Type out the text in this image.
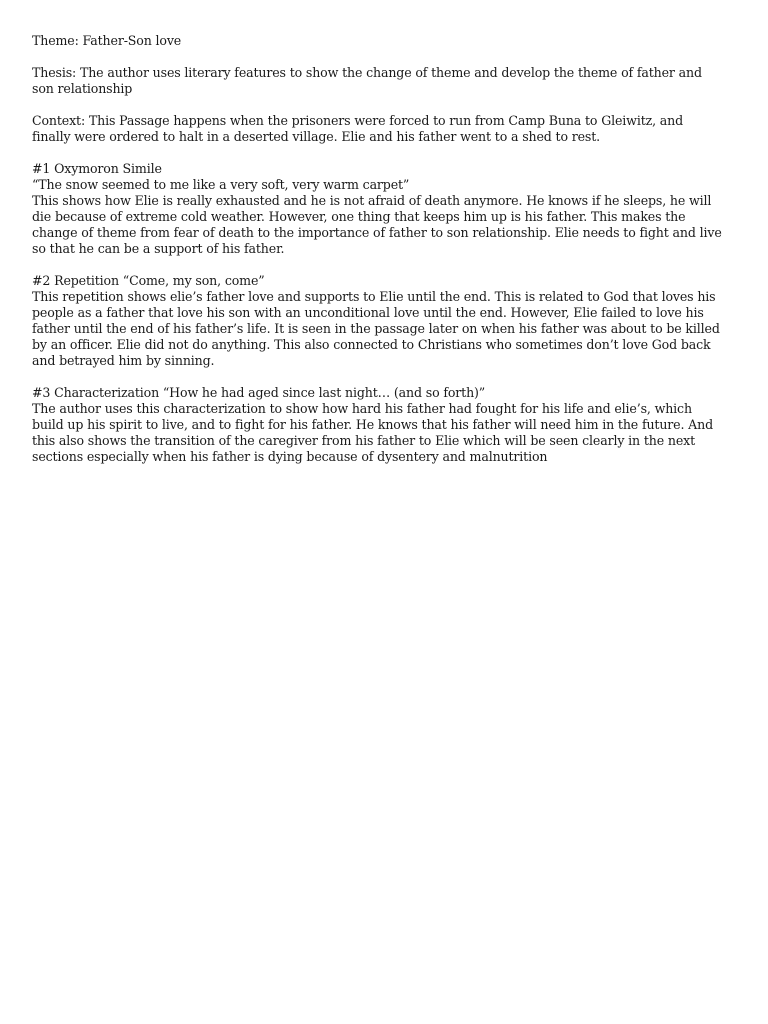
Theme: Father-Son love
Thesis: The author uses literary features to show the change of theme and develop the theme of father and
son relationship
Context: This Passage happens when the prisoners were forced to run from Camp Buna to Gleiwitz, and
finally were ordered to halt in a deserted village. Elie and his father went to a shed to rest.
#1 Oxymoron Simile
“The snow seemed to me like a very soft, very warm carpet”
This shows how Elie is really exhausted and he is not afraid of death anymore. He knows if he sleeps, he will
die because of extreme cold weather. However, one thing that keeps him up is his father. This makes the
change of theme from fear of death to the importance of father to son relationship. Elie needs to fight and live
so that he can be a support of his father.
#2 Repetition “Come, my son, come”
This repetition shows elie’s father love and supports to Elie until the end. This is related to God that loves his
people as a father that love his son with an unconditional love until the end. However, Elie failed to love his
father until the end of his father’s life. It is seen in the passage later on when his father was about to be killed
by an officer. Elie did not do anything. This also connected to Christians who sometimes don’t love God back
and betrayed him by sinning.
#3 Characterization “How he had aged since last night… (and so forth)”
The author uses this characterization to show how hard his father had fought for his life and elie’s, which
build up his spirit to live, and to fight for his father. He knows that his father will need him in the future. And
this also shows the transition of the caregiver from his father to Elie which will be seen clearly in the next
sections especially when his father is dying because of dysentery and malnutrition
